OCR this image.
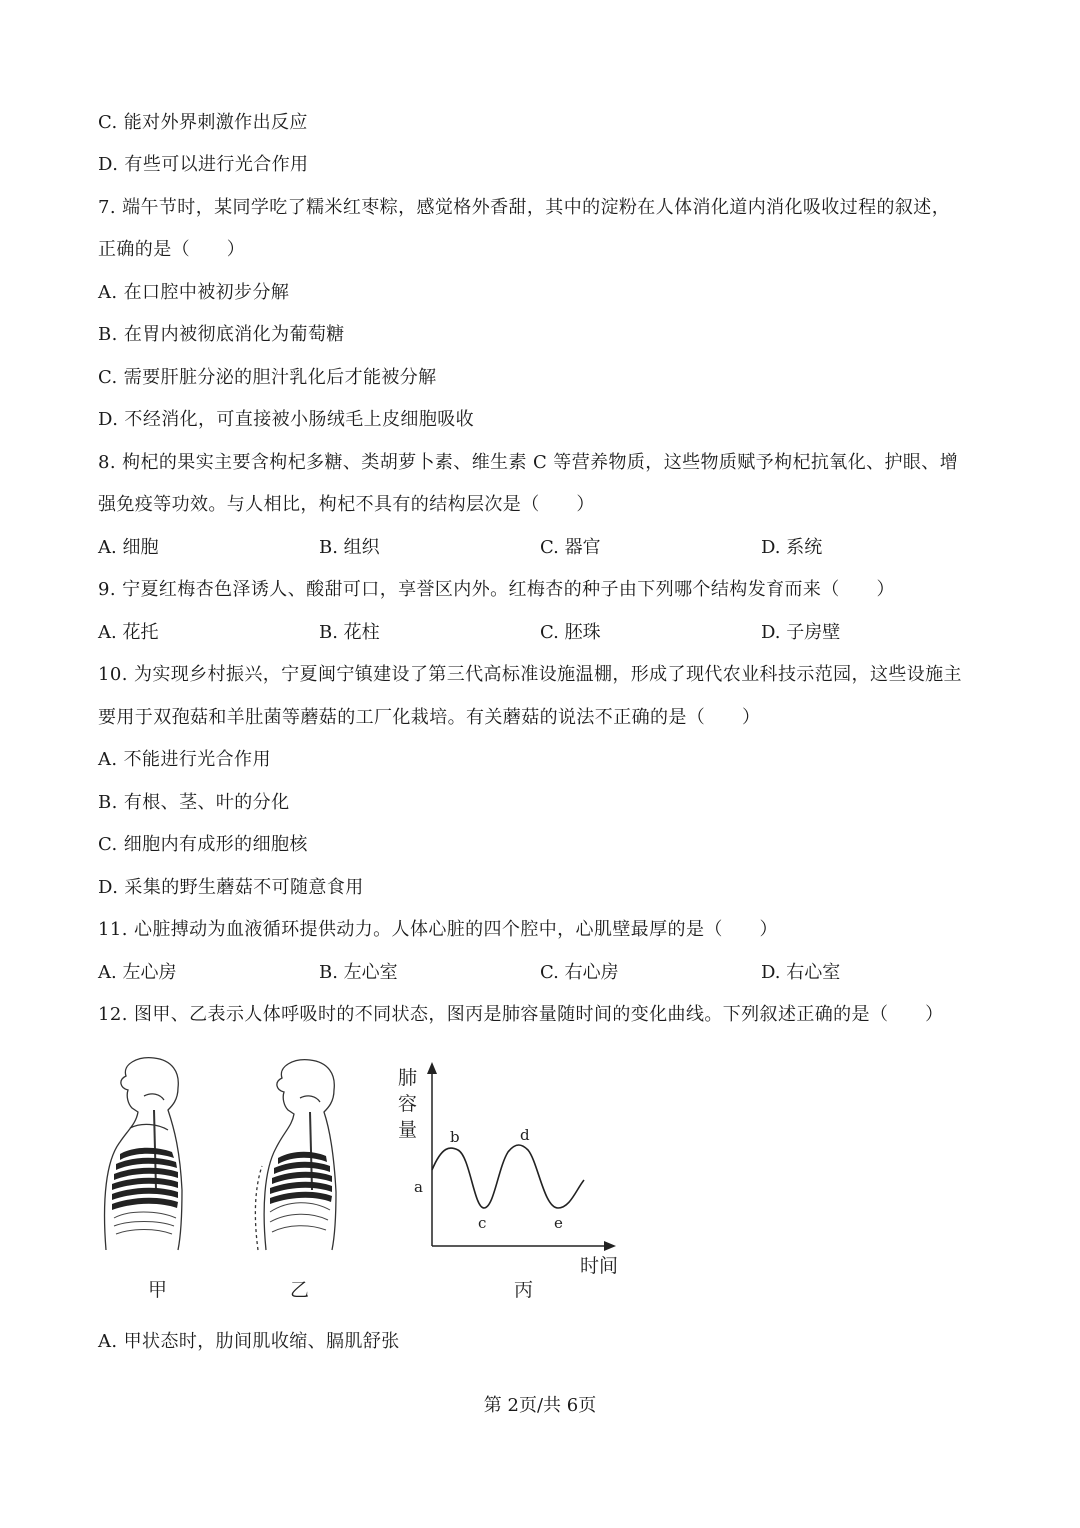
C. 能对外界刺激作出反应

D. 有些可以进行光合作用

7. 端午节时，某同学吃了糯米红枣粽，感觉格外香甜，其中的淀粉在人体消化道内消化吸收过程的叙述，

正确的是（　　）

A. 在口腔中被初步分解

B. 在胃内被彻底消化为葡萄糖

C. 需要肝脏分泌的胆汁乳化后才能被分解

D. 不经消化，可直接被小肠绒毛上皮细胞吸收

8. 枸杞的果实主要含枸杞多糖、类胡萝卜素、维生素 C 等营养物质，这些物质赋予枸杞抗氧化、护眼、增

强免疫等功效。与人相比，枸杞不具有的结构层次是（　　）

A. 细胞	B. 组织	C. 器官	D. 系统

9. 宁夏红梅杏色泽诱人、酸甜可口，享誉区内外。红梅杏的种子由下列哪个结构发育而来（　　）

A. 花托	B. 花柱	C. 胚珠	D. 子房壁

10. 为实现乡村振兴，宁夏闽宁镇建设了第三代高标准设施温棚，形成了现代农业科技示范园，这些设施主

要用于双孢菇和羊肚菌等蘑菇的工厂化栽培。有关蘑菇的说法不正确的是（　　）

A. 不能进行光合作用

B. 有根、茎、叶的分化

C. 细胞内有成形的细胞核

D. 采集的野生蘑菇不可随意食用

11. 心脏搏动为血液循环提供动力。人体心脏的四个腔中，心肌壁最厚的是（　　）

A. 左心房	B. 左心室	C. 右心房	D. 右心室

12. 图甲、乙表示人体呼吸时的不同状态，图丙是肺容量随时间的变化曲线。下列叙述正确的是（　　）

肺
容
量
时间
a
b
c
d
e
甲	乙	丙

A. 甲状态时，肋间肌收缩、膈肌舒张

第 2页/共 6页
